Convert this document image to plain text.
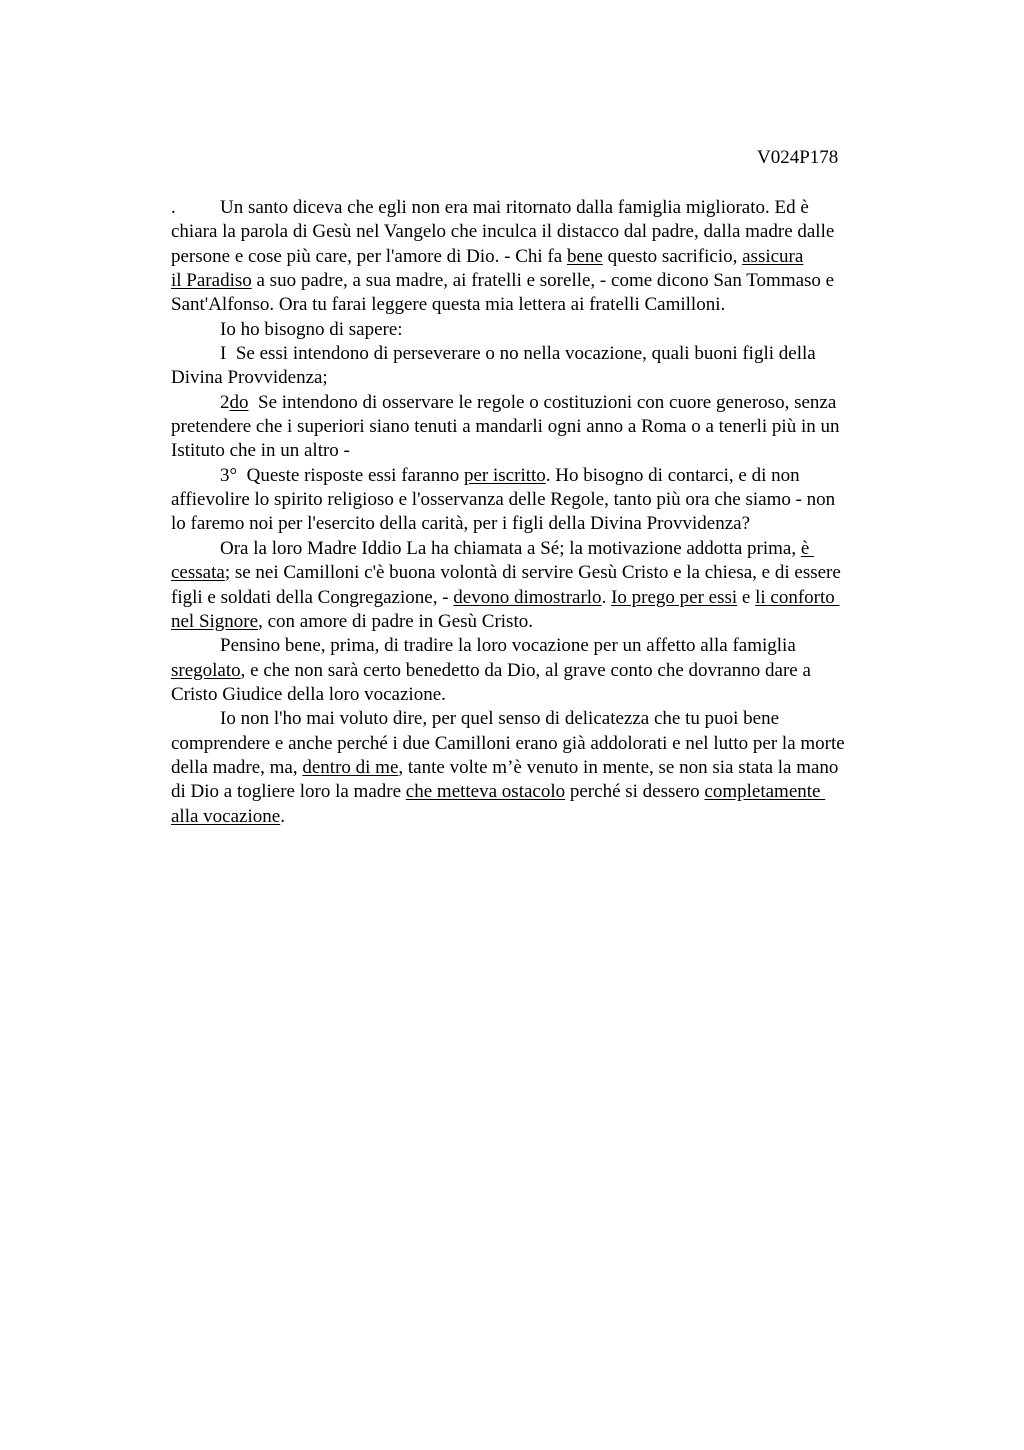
V024P178
. Un santo diceva che egli non era mai ritornato dalla famiglia migliorato. Ed è
chiara la parola di Gesù nel Vangelo che inculca il distacco dal padre, dalla madre dalle
persone e cose più care, per l'amore di Dio. - Chi fa bene questo sacrificio, assicura
il Paradiso a suo padre, a sua madre, ai fratelli e sorelle, - come dicono San Tommaso e
Sant'Alfonso. Ora tu farai leggere questa mia lettera ai fratelli Camilloni.
Io ho bisogno di sapere:
I  Se essi intendono di perseverare o no nella vocazione, quali buoni figli della
Divina Provvidenza;
2do  Se intendono di osservare le regole o costituzioni con cuore generoso, senza
pretendere che i superiori siano tenuti a mandarli ogni anno a Roma o a tenerli più in un
Istituto che in un altro -
3°  Queste risposte essi faranno per iscritto. Ho bisogno di contarci, e di non
affievolire lo spirito religioso e l'osservanza delle Regole, tanto più ora che siamo - non
lo faremo noi per l'esercito della carità, per i figli della Divina Provvidenza?
Ora la loro Madre Iddio La ha chiamata a Sé; la motivazione addotta prima, è
cessata; se nei Camilloni c'è buona volontà di servire Gesù Cristo e la chiesa, e di essere
figli e soldati della Congregazione, - devono dimostrarlo. Io prego per essi e li conforto
nel Signore, con amore di padre in Gesù Cristo.
Pensino bene, prima, di tradire la loro vocazione per un affetto alla famiglia
sregolato, e che non sarà certo benedetto da Dio, al grave conto che dovranno dare a
Cristo Giudice della loro vocazione.
Io non l'ho mai voluto dire, per quel senso di delicatezza che tu puoi bene
comprendere e anche perché i due Camilloni erano già addolorati e nel lutto per la morte
della madre, ma, dentro di me, tante volte m’è venuto in mente, se non sia stata la mano
di Dio a togliere loro la madre che metteva ostacolo perché si dessero completamente
alla vocazione.
